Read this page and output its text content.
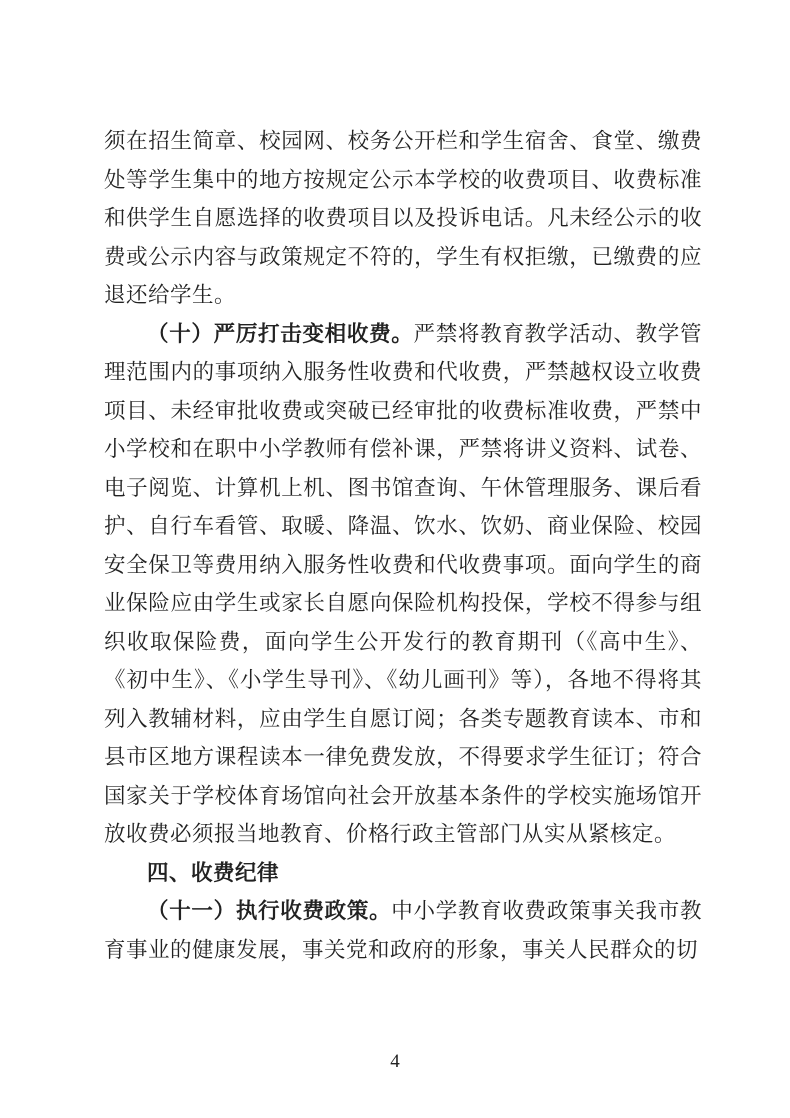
须在招生简章、校园网、校务公开栏和学生宿舍、食堂、缴费处等学生集中的地方按规定公示本学校的收费项目、收费标准和供学生自愿选择的收费项目以及投诉电话。凡未经公示的收费或公示内容与政策规定不符的，学生有权拒缴，已缴费的应退还给学生。

（十）严厉打击变相收费。严禁将教育教学活动、教学管理范围内的事项纳入服务性收费和代收费，严禁越权设立收费项目、未经审批收费或突破已经审批的收费标准收费，严禁中小学校和在职中小学教师有偿补课，严禁将讲义资料、试卷、电子阅览、计算机上机、图书馆查询、午休管理服务、课后看护、自行车看管、取暖、降温、饮水、饮奶、商业保险、校园安全保卫等费用纳入服务性收费和代收费事项。面向学生的商业保险应由学生或家长自愿向保险机构投保，学校不得参与组织收取保险费，面向学生公开发行的教育期刊（《高中生》、《初中生》、《小学生导刊》、《幼儿画刊》等），各地不得将其列入教辅材料，应由学生自愿订阅；各类专题教育读本、市和县市区地方课程读本一律免费发放，不得要求学生征订；符合国家关于学校体育场馆向社会开放基本条件的学校实施场馆开放收费必须报当地教育、价格行政主管部门从实从紧核定。

四、收费纪律

（十一）执行收费政策。中小学教育收费政策事关我市教育事业的健康发展，事关党和政府的形象，事关人民群众的切

4
